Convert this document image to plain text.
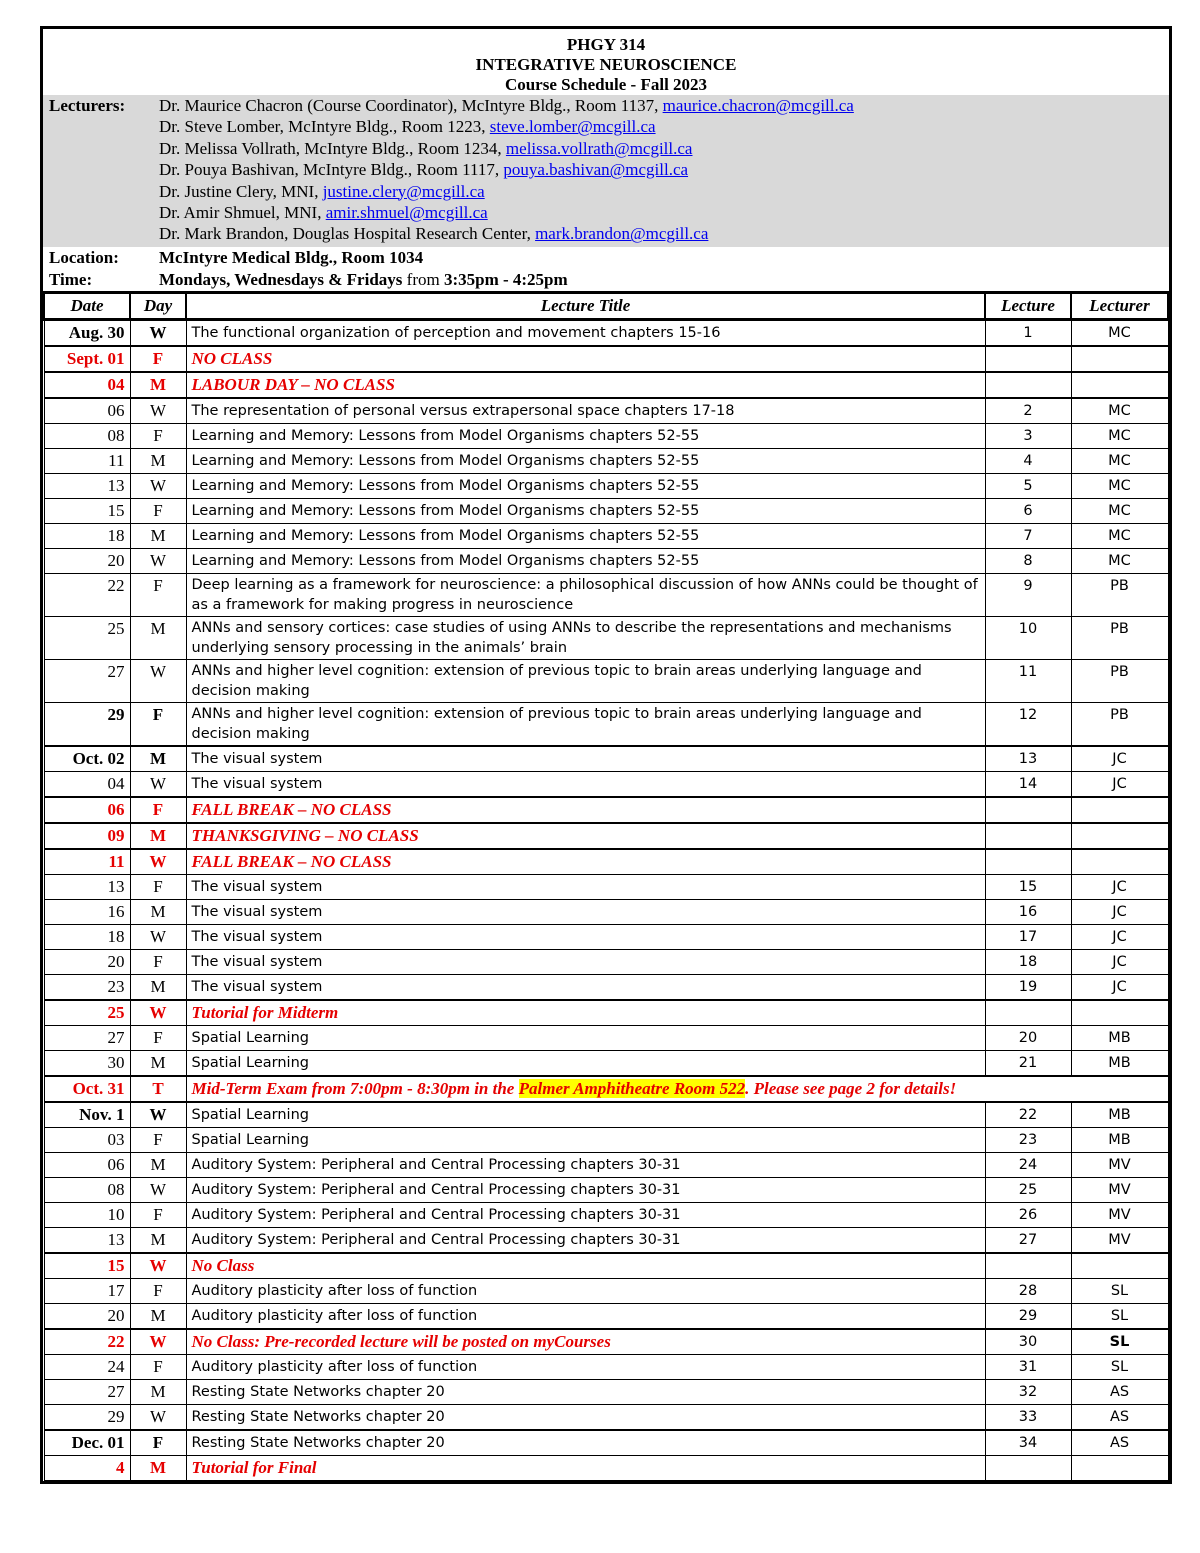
PHGY 314
INTEGRATIVE NEUROSCIENCE
Course Schedule - Fall 2023
Lecturers:	Dr. Maurice Chacron (Course Coordinator), McIntyre Bldg., Room 1137, maurice.chacron@mcgill.ca
Dr. Steve Lomber, McIntyre Bldg., Room 1223, steve.lomber@mcgill.ca
Dr. Melissa Vollrath, McIntyre Bldg., Room 1234, melissa.vollrath@mcgill.ca
Dr. Pouya Bashivan, McIntyre Bldg., Room 1117, pouya.bashivan@mcgill.ca
Dr. Justine Clery, MNI, justine.clery@mcgill.ca
Dr. Amir Shmuel, MNI, amir.shmuel@mcgill.ca
Dr. Mark Brandon, Douglas Hospital Research Center, mark.brandon@mcgill.ca
Location:	McIntyre Medical Bldg., Room 1034
Time:	Mondays, Wednesdays & Fridays from 3:35pm - 4:25pm
Date	Day	Lecture Title	Lecture	Lecturer
Aug. 30	W	The functional organization of perception and movement chapters 15-16	1	MC
Sept. 01	F	NO CLASS		
04	M	LABOUR DAY – NO CLASS		
06	W	The representation of personal versus extrapersonal space chapters 17-18	2	MC
08	F	Learning and Memory: Lessons from Model Organisms chapters 52-55	3	MC
11	M	Learning and Memory: Lessons from Model Organisms chapters 52-55	4	MC
13	W	Learning and Memory: Lessons from Model Organisms chapters 52-55	5	MC
15	F	Learning and Memory: Lessons from Model Organisms chapters 52-55	6	MC
18	M	Learning and Memory: Lessons from Model Organisms chapters 52-55	7	MC
20	W	Learning and Memory: Lessons from Model Organisms chapters 52-55	8	MC
22	F	Deep learning as a framework for neuroscience: a philosophical discussion of how ANNs could be thought of as a framework for making progress in neuroscience	9	PB
25	M	ANNs and sensory cortices: case studies of using ANNs to describe the representations and mechanisms underlying sensory processing in the animals’ brain	10	PB
27	W	ANNs and higher level cognition: extension of previous topic to brain areas underlying language and decision making	11	PB
29	F	ANNs and higher level cognition: extension of previous topic to brain areas underlying language and decision making	12	PB
Oct. 02	M	The visual system	13	JC
04	W	The visual system	14	JC
06	F	FALL BREAK – NO CLASS		
09	M	THANKSGIVING – NO CLASS		
11	W	FALL BREAK – NO CLASS		
13	F	The visual system	15	JC
16	M	The visual system	16	JC
18	W	The visual system	17	JC
20	F	The visual system	18	JC
23	M	The visual system	19	JC
25	W	Tutorial for Midterm		
27	F	Spatial Learning	20	MB
30	M	Spatial Learning	21	MB
Oct. 31	T	Mid-Term Exam from 7:00pm - 8:30pm in the Palmer Amphitheatre Room 522. Please see page 2 for details!		
Nov. 1	W	Spatial Learning	22	MB
03	F	Spatial Learning	23	MB
06	M	Auditory System: Peripheral and Central Processing chapters 30-31	24	MV
08	W	Auditory System: Peripheral and Central Processing chapters 30-31	25	MV
10	F	Auditory System: Peripheral and Central Processing chapters 30-31	26	MV
13	M	Auditory System: Peripheral and Central Processing chapters 30-31	27	MV
15	W	No Class		
17	F	Auditory plasticity after loss of function	28	SL
20	M	Auditory plasticity after loss of function	29	SL
22	W	No Class: Pre-recorded lecture will be posted on myCourses	30	SL
24	F	Auditory plasticity after loss of function	31	SL
27	M	Resting State Networks chapter 20	32	AS
29	W	Resting State Networks chapter 20	33	AS
Dec. 01	F	Resting State Networks chapter 20	34	AS
4	M	Tutorial for Final		
